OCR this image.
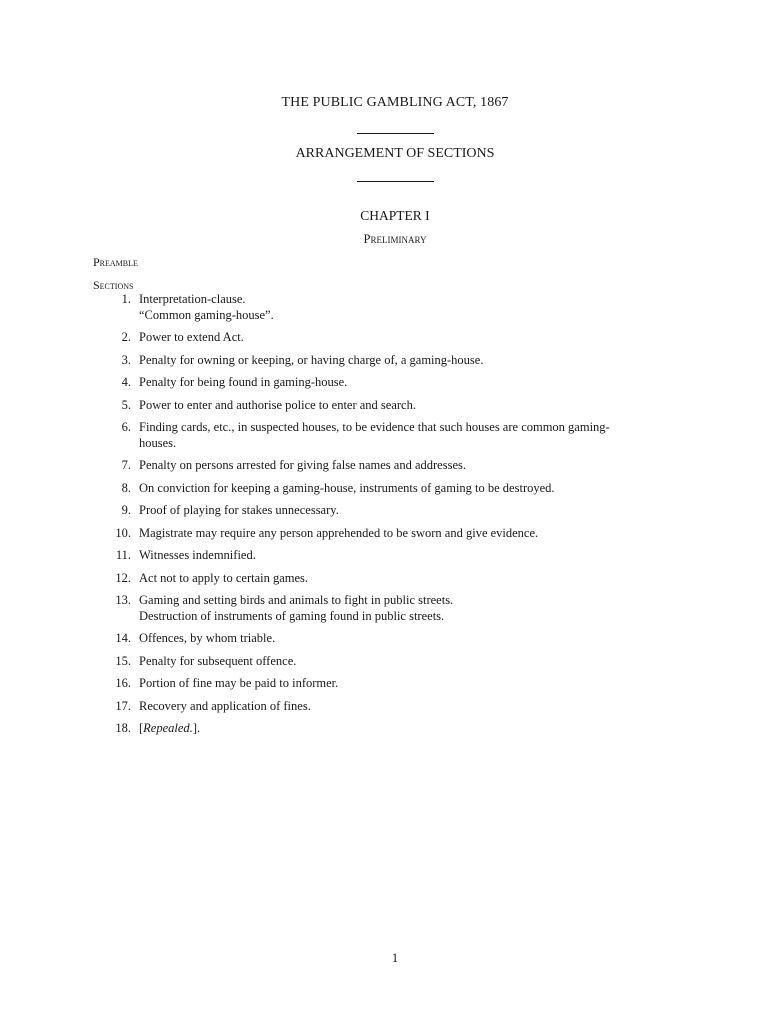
THE PUBLIC GAMBLING ACT, 1867
ARRANGEMENT OF SECTIONS
CHAPTER I
Preliminary
Preamble
Sections
1. Interpretation-clause.
“Common gaming-house”.
2. Power to extend Act.
3. Penalty for owning or keeping, or having charge of, a gaming-house.
4. Penalty for being found in gaming-house.
5. Power to enter and authorise police to enter and search.
6. Finding cards, etc., in suspected houses, to be evidence that such houses are common gaming-
houses.
7. Penalty on persons arrested for giving false names and addresses.
8. On conviction for keeping a gaming-house, instruments of gaming to be destroyed.
9. Proof of playing for stakes unnecessary.
10. Magistrate may require any person apprehended to be sworn and give evidence.
11. Witnesses indemnified.
12. Act not to apply to certain games.
13. Gaming and setting birds and animals to fight in public streets.
Destruction of instruments of gaming found in public streets.
14. Offences, by whom triable.
15. Penalty for subsequent offence.
16. Portion of fine may be paid to informer.
17. Recovery and application of fines.
18. [Repealed.].
1
